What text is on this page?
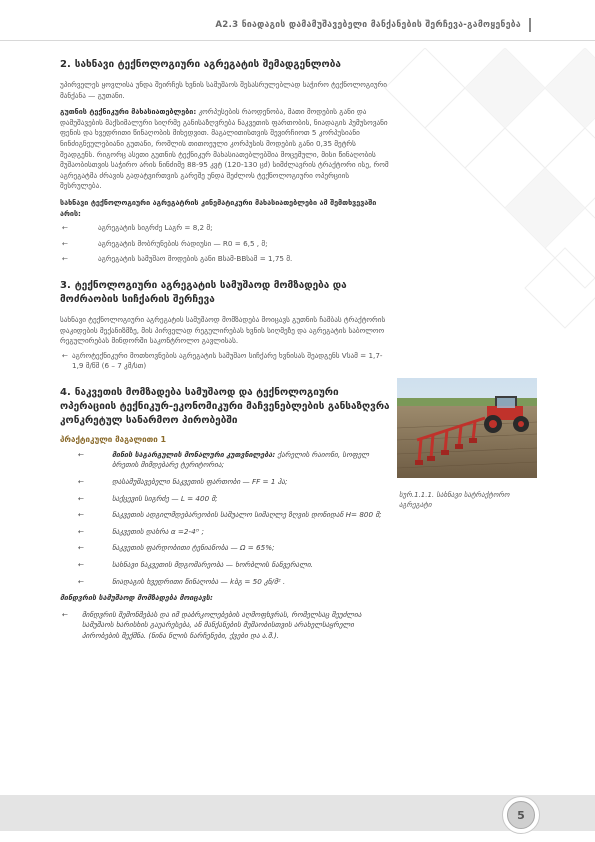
A2.3 ნიადაგის დამამუშავებელი მანქანების შერჩევა-გამოყენება
2. სახნავი ტექნოლოგიური აგრეგატის შემადგენლობა

უპირველეს ყოვლისა უნდა შეირჩეს ხვნის სამუშაოს შესასრულებლად საჭირო ტექნოლოგიური მანქანა — გუთანი.

გუთნის ტექნიკური მახასიათებლები: კორპუსების რაოდენობა, მათი მოდების განი და დამუშავების მაქსიმალური სიღრმე განისაზღვრება ნაკვეთის ფართობის, ნიადაგის ჰუმუსოვანი ფენის და ხვედრითი წინაღობის მიხედვით. მაგალითისთვის შევირჩიოთ 5 კორპუსიანი ნინძიგნეულებიანი გუთანი, რომლის თითოეული კორპუსის მოდების განი 0,35 მეტრს შეადგენს. რიგორც ასეთი გუთნის ტექნიკურ მახასიათებლებშია მოცემული, მისი წინაღობის მუშაობისთვის საჭირო არის ნინძიმე 88-95 კვტ (120-130 ცძ) სიმძლავრის ტრაქტორი ისე, რომ აგრეგატმა ძრავის გადატვირთვის გარეშე უნდა შეძლოს ტექნოლოგიური ოპერციის შესრულება.

სახნავი ტექნოლოგიური აგრეგატრის კინემატიკური მახასიათებლები ამ შემთხვევაში არის:

←	აგრეგატის სიგრძე Lაგრ = 8,2 მ;
←	აგრეგატის მობრუნების რადიუსი — R0 = 6,5 , მ;
←	აგრეგატის სამუშაო მოდების განი Bსამ-BBსამ = 1,75 მ.
3. ტექნოლოგიური აგრეგატის სამუშაოდ მომზადება და მოძრაობის სიჩქარის შერჩევა

სახნავი ტექნოლოგიური აგრეგატის სამუშაოდ მომზადება მოიცავს გუთნის ჩამბას ტრაქტორის დაკიდების მექანიზმზე, მის პირველად რეგულირებას ხვნის სიღმეზე და აგრეგატის საბოლოო რეგულირებას მინდორში საკონტროლო გავლისას.

← აგროტექნიკური მოთხოვნების აგრეგატის სამუშაო სიჩქარე ხვნისას შეადგენს Vსამ = 1,7-1,9 მ/წმ (6 – 7 კმ/სთ)
4. ნაკვეთის მომზადება სამუშაოდ და ტექნოლოგიური ოპერაციის ტექნიკურ-ეკონომიკური მაჩვენებლების განსაზღვრა კონკრეტულ სანარმოო პირობებში
პრაქტიკული მაგალითი 1
←	მინის საგარგულის მონალური კუთვნილება: ქარელის რაიონი, სოფელ ბრეთის მიმდებარე ტერიტორია;
←	დასამუშავებელი ნაკვეთის ფართობი — FF = 1 ჰა;
←	საქცევის სიგრძე — L = 400 მ;
←	ნაკვეთის ადგილმდებარეობის საშუალო სიმაღლე ზღვის დონიდან H= 800 მ;
←	ნაკვეთის დახრა α =2-4ᴼ ;
←	ნაკვეთის ფარდობითი ტენიანობა — Ω = 65%;
←	სახნავი ნაკვეთის მდგომარეობა — ხორბლის ნანვერალი.
←	ნიადაგის ხვედრითი წინაღობა — kბგ = 50 კნ/მ² .

მინდვრის სამუშაოდ მომზადება მოიცავს:

← მინდვრის შემონმებას და იმ დაბრკოლებების აღმოფხვრას, რომელსაც შეუძლია სამუშაოს ხარისხის გაუარესება, ან მანქანების მუშაობისთვის არახელსაყრელი პირობების შექმნა. (ნინა ნლის ნარჩენები, ქვები და ა.შ.).
სურ.1.1.1. სახნავი სატრაქტორო აგრეგატი
5
